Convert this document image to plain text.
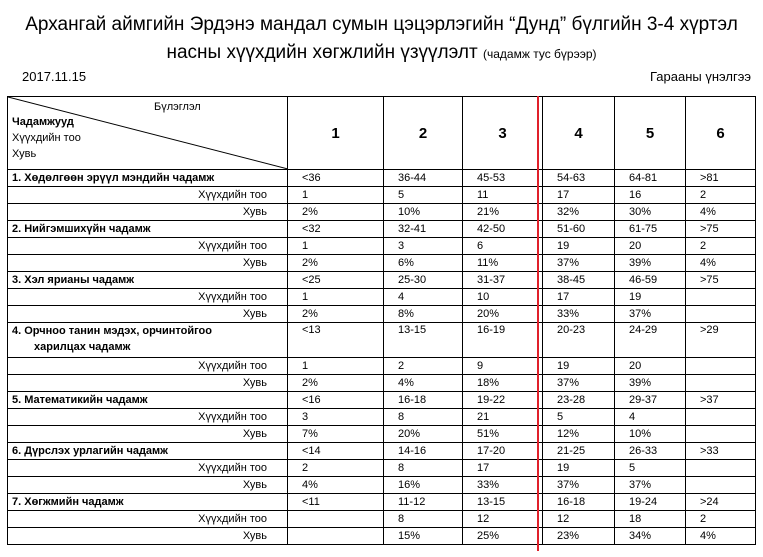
Архангай аймгийн Эрдэнэ мандал сумын цэцэрлэгийн “Дунд” бүлгийн 3-4 хүртэл
насны хүүхдийн хөгжлийн үзүүлэлт (чадамж тус бүрээр)
2017.11.15	Гарааны үнэлгээ
Бүлэглэл
Чадамжууд
Хүүхдийн тоо
Хувь	1	2	3	4	5	6
1. Хөдөлгөөн эрүүл мэндийн чадамж	<36	36-44	45-53	54-63	64-81	>81
Хүүхдийн тоо	1	5	11	17	16	2
Хувь	2%	10%	21%	32%	30%	4%
2. Нийгэмшихүйн чадамж	<32	32-41	42-50	51-60	61-75	>75
Хүүхдийн тоо	1	3	6	19	20	2
Хувь	2%	6%	11%	37%	39%	4%
3. Хэл ярианы чадамж	<25	25-30	31-37	38-45	46-59	>75
Хүүхдийн тоо	1	4	10	17	19	
Хувь	2%	8%	20%	33%	37%	

4. Орчноо танин мэдэх, орчинтойгоо
харилцах чадамж	<13	13-15	16-19	20-23	24-29	>29
Хүүхдийн тоо	1	2	9	19	20	
Хувь	2%	4%	18%	37%	39%	
5. Математикийн чадамж	<16	16-18	19-22	23-28	29-37	>37
Хүүхдийн тоо	3	8	21	5	4	
Хувь	7%	20%	51%	12%	10%	
6. Дүрслэх урлагийн чадамж	<14	14-16	17-20	21-25	26-33	>33
Хүүхдийн тоо	2	8	17	19	5	
Хувь	4%	16%	33%	37%	37%	
7. Хөгжмийн чадамж	<11	11-12	13-15	16-18	19-24	>24
Хүүхдийн тоо		8	12	12	18	2
Хувь		15%	25%	23%	34%	4%
